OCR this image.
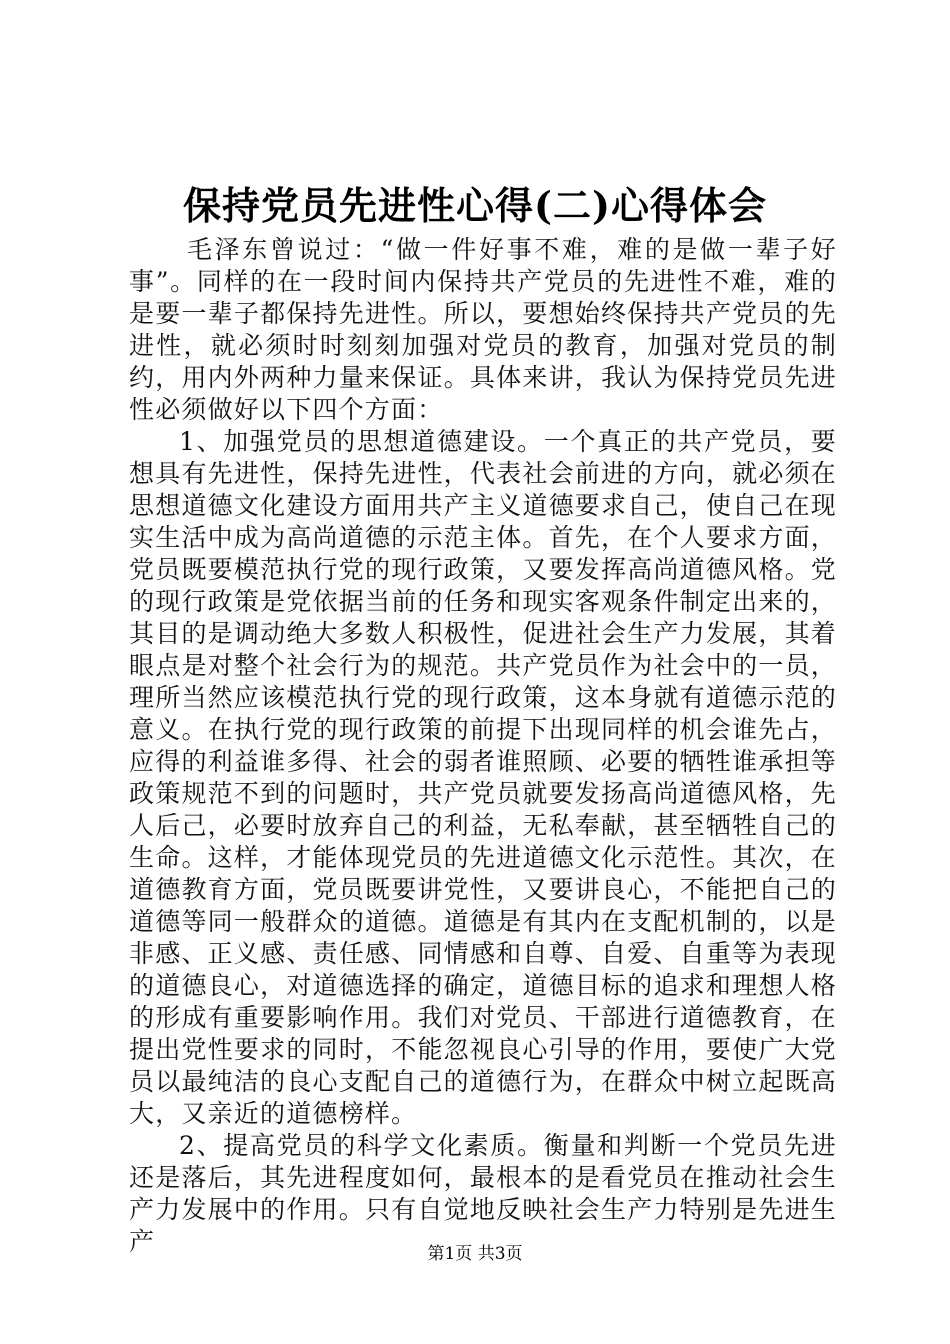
保持党员先进性心得(二)心得体会

毛泽东曾说过：“做一件好事不难，难的是做一辈子好事”。同样的在一段时间内保持共产党员的先进性不难，难的是要一辈子都保持先进性。所以，要想始终保持共产党员的先进性，就必须时时刻刻加强对党员的教育，加强对党员的制约，用内外两种力量来保证。具体来讲，我认为保持党员先进性必须做好以下四个方面：

1、加强党员的思想道德建设。一个真正的共产党员，要想具有先进性，保持先进性，代表社会前进的方向，就必须在思想道德文化建设方面用共产主义道德要求自己，使自己在现实生活中成为高尚道德的示范主体。首先，在个人要求方面，党员既要模范执行党的现行政策，又要发挥高尚道德风格。党的现行政策是党依据当前的任务和现实客观条件制定出来的，其目的是调动绝大多数人积极性，促进社会生产力发展，其着眼点是对整个社会行为的规范。共产党员作为社会中的一员，理所当然应该模范执行党的现行政策，这本身就有道德示范的意义。在执行党的现行政策的前提下出现同样的机会谁先占，应得的利益谁多得、社会的弱者谁照顾、必要的牺牲谁承担等政策规范不到的问题时，共产党员就要发扬高尚道德风格，先人后己，必要时放弃自己的利益，无私奉献，甚至牺牲自己的生命。这样，才能体现党员的先进道德文化示范性。其次，在道德教育方面，党员既要讲党性，又要讲良心，不能把自己的道德等同一般群众的道德。道德是有其内在支配机制的，以是非感、正义感、责任感、同情感和自尊、自爱、自重等为表现的道德良心，对道德选择的确定，道德目标的追求和理想人格的形成有重要影响作用。我们对党员、干部进行道德教育，在提出党性要求的同时，不能忽视良心引导的作用，要使广大党员以最纯洁的良心支配自己的道德行为，在群众中树立起既高大，又亲近的道德榜样。

2、提高党员的科学文化素质。衡量和判断一个党员先进还是落后，其先进程度如何，最根本的是看党员在推动社会生产力发展中的作用。只有自觉地反映社会生产力特别是先进生产	第1页 共3页
